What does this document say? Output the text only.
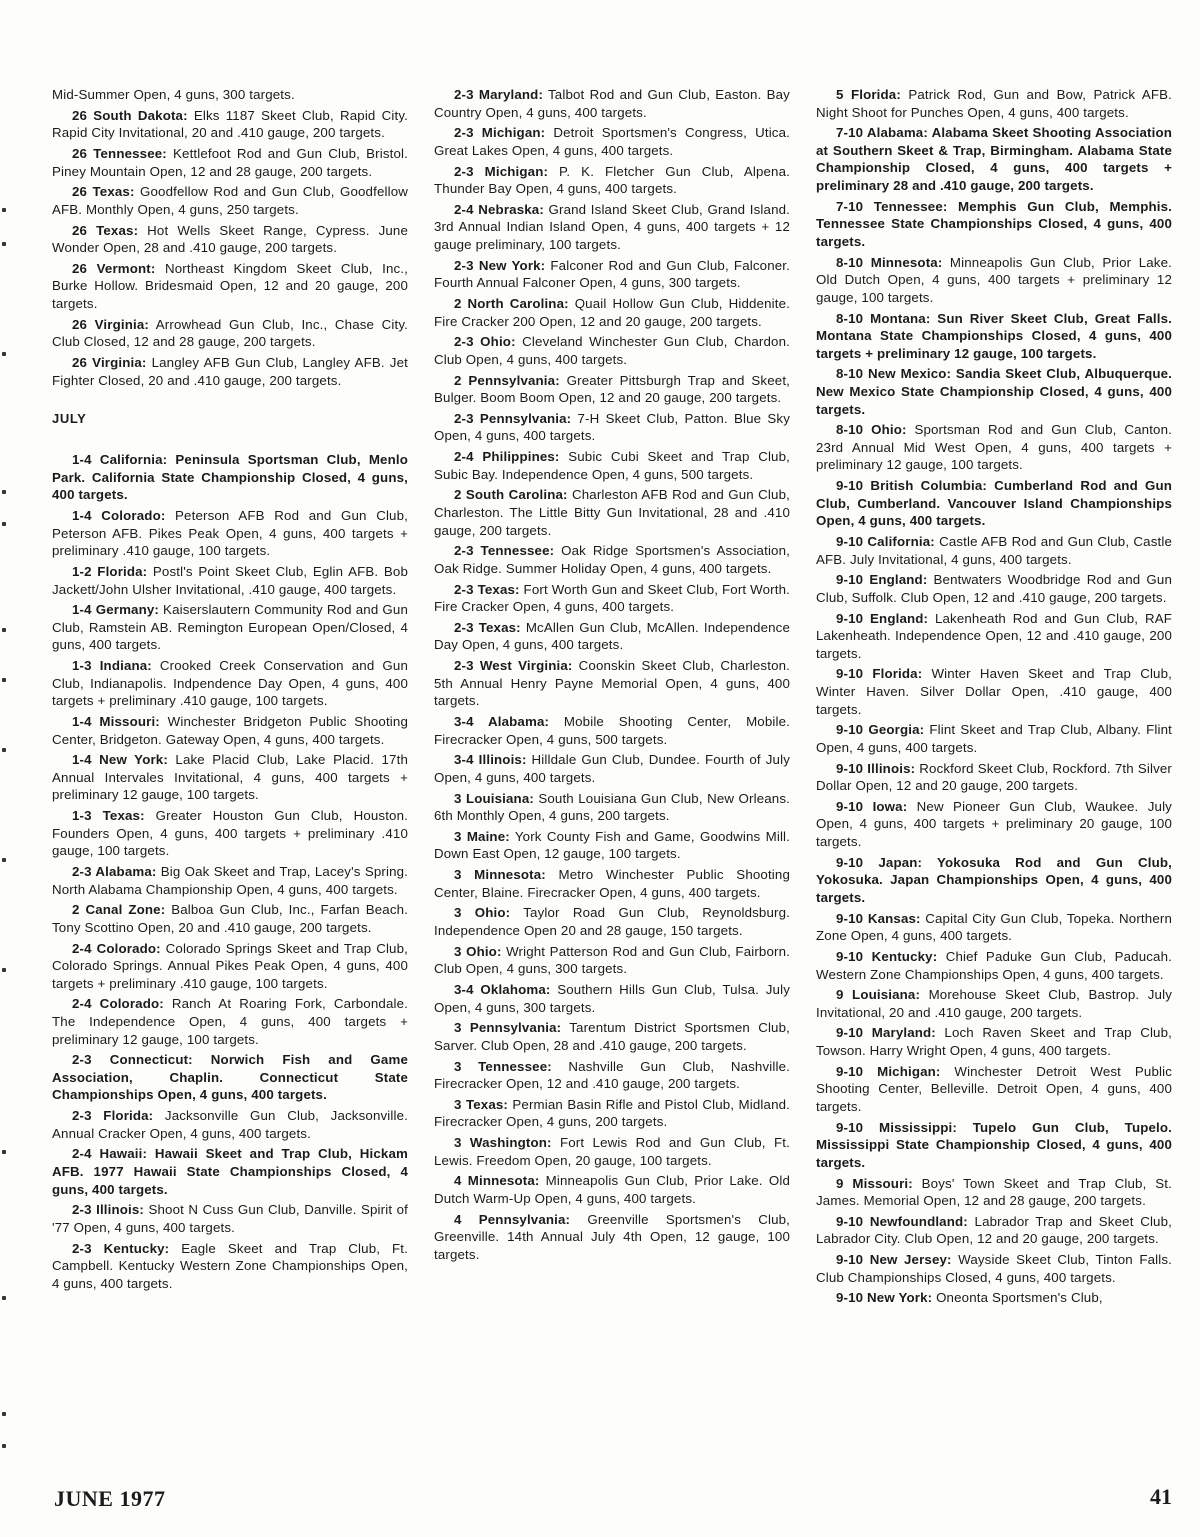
Mid-Summer Open, 4 guns, 300 targets.

26 South Dakota: Elks 1187 Skeet Club, Rapid City. Rapid City Invitational, 20 and .410 gauge, 200 targets.

26 Tennessee: Kettlefoot Rod and Gun Club, Bristol. Piney Mountain Open, 12 and 28 gauge, 200 targets.

26 Texas: Goodfellow Rod and Gun Club, Goodfellow AFB. Monthly Open, 4 guns, 250 targets.

26 Texas: Hot Wells Skeet Range, Cypress. June Wonder Open, 28 and .410 gauge, 200 targets.

26 Vermont: Northeast Kingdom Skeet Club, Inc., Burke Hollow. Bridesmaid Open, 12 and 20 gauge, 200 targets.

26 Virginia: Arrowhead Gun Club, Inc., Chase City. Club Closed, 12 and 28 gauge, 200 targets.

26 Virginia: Langley AFB Gun Club, Langley AFB. Jet Fighter Closed, 20 and .410 gauge, 200 targets.

JULY

1-4 California: Peninsula Sportsman Club, Menlo Park. California State Championship Closed, 4 guns, 400 targets.

1-4 Colorado: Peterson AFB Rod and Gun Club, Peterson AFB. Pikes Peak Open, 4 guns, 400 targets + preliminary .410 gauge, 100 targets.

1-2 Florida: Postl's Point Skeet Club, Eglin AFB. Bob Jackett/John Ulsher Invitational, .410 gauge, 400 targets.

1-4 Germany: Kaiserslautern Community Rod and Gun Club, Ramstein AB. Remington European Open/Closed, 4 guns, 400 targets.

1-3 Indiana: Crooked Creek Conservation and Gun Club, Indianapolis. Indpendence Day Open, 4 guns, 400 targets + preliminary .410 gauge, 100 targets.

1-4 Missouri: Winchester Bridgeton Public Shooting Center, Bridgeton. Gateway Open, 4 guns, 400 targets.

1-4 New York: Lake Placid Club, Lake Placid. 17th Annual Intervales Invitational, 4 guns, 400 targets + preliminary 12 gauge, 100 targets.

1-3 Texas: Greater Houston Gun Club, Houston. Founders Open, 4 guns, 400 targets + preliminary .410 gauge, 100 targets.

2-3 Alabama: Big Oak Skeet and Trap, Lacey's Spring. North Alabama Championship Open, 4 guns, 400 targets.

2 Canal Zone: Balboa Gun Club, Inc., Farfan Beach. Tony Scottino Open, 20 and .410 gauge, 200 targets.

2-4 Colorado: Colorado Springs Skeet and Trap Club, Colorado Springs. Annual Pikes Peak Open, 4 guns, 400 targets + preliminary .410 gauge, 100 targets.

2-4 Colorado: Ranch At Roaring Fork, Carbondale. The Independence Open, 4 guns, 400 targets + preliminary 12 gauge, 100 targets.

2-3 Connecticut: Norwich Fish and Game Association, Chaplin. Connecticut State Championships Open, 4 guns, 400 targets.

2-3 Florida: Jacksonville Gun Club, Jacksonville. Annual Cracker Open, 4 guns, 400 targets.

2-4 Hawaii: Hawaii Skeet and Trap Club, Hickam AFB. 1977 Hawaii State Championships Closed, 4 guns, 400 targets.

2-3 Illinois: Shoot N Cuss Gun Club, Danville. Spirit of '77 Open, 4 guns, 400 targets.

2-3 Kentucky: Eagle Skeet and Trap Club, Ft. Campbell. Kentucky Western Zone Championships Open, 4 guns, 400 targets.

2-3 Maryland: Talbot Rod and Gun Club, Easton. Bay Country Open, 4 guns, 400 targets.

2-3 Michigan: Detroit Sportsmen's Congress, Utica. Great Lakes Open, 4 guns, 400 targets.

2-3 Michigan: P. K. Fletcher Gun Club, Alpena. Thunder Bay Open, 4 guns, 400 targets.

2-4 Nebraska: Grand Island Skeet Club, Grand Island. 3rd Annual Indian Island Open, 4 guns, 400 targets + 12 gauge preliminary, 100 targets.

2-3 New York: Falconer Rod and Gun Club, Falconer. Fourth Annual Falconer Open, 4 guns, 300 targets.

2 North Carolina: Quail Hollow Gun Club, Hiddenite. Fire Cracker 200 Open, 12 and 20 gauge, 200 targets.

2-3 Ohio: Cleveland Winchester Gun Club, Chardon. Club Open, 4 guns, 400 targets.

2 Pennsylvania: Greater Pittsburgh Trap and Skeet, Bulger. Boom Boom Open, 12 and 20 gauge, 200 targets.

2-3 Pennsylvania: 7-H Skeet Club, Patton. Blue Sky Open, 4 guns, 400 targets.

2-4 Philippines: Subic Cubi Skeet and Trap Club, Subic Bay. Independence Open, 4 guns, 500 targets.

2 South Carolina: Charleston AFB Rod and Gun Club, Charleston. The Little Bitty Gun Invitational, 28 and .410 gauge, 200 targets.

2-3 Tennessee: Oak Ridge Sportsmen's Association, Oak Ridge. Summer Holiday Open, 4 guns, 400 targets.

2-3 Texas: Fort Worth Gun and Skeet Club, Fort Worth. Fire Cracker Open, 4 guns, 400 targets.

2-3 Texas: McAllen Gun Club, McAllen. Independence Day Open, 4 guns, 400 targets.

2-3 West Virginia: Coonskin Skeet Club, Charleston. 5th Annual Henry Payne Memorial Open, 4 guns, 400 targets.

3-4 Alabama: Mobile Shooting Center, Mobile. Firecracker Open, 4 guns, 500 targets.

3-4 Illinois: Hilldale Gun Club, Dundee. Fourth of July Open, 4 guns, 400 targets.

3 Louisiana: South Louisiana Gun Club, New Orleans. 6th Monthly Open, 4 guns, 200 targets.

3 Maine: York County Fish and Game, Goodwins Mill. Down East Open, 12 gauge, 100 targets.

3 Minnesota: Metro Winchester Public Shooting Center, Blaine. Firecracker Open, 4 guns, 400 targets.

3 Ohio: Taylor Road Gun Club, Reynoldsburg. Independence Open 20 and 28 gauge, 150 targets.

3 Ohio: Wright Patterson Rod and Gun Club, Fairborn. Club Open, 4 guns, 300 targets.

3-4 Oklahoma: Southern Hills Gun Club, Tulsa. July Open, 4 guns, 300 targets.

3 Pennsylvania: Tarentum District Sportsmen Club, Sarver. Club Open, 28 and .410 gauge, 200 targets.

3 Tennessee: Nashville Gun Club, Nashville. Firecracker Open, 12 and .410 gauge, 200 targets.

3 Texas: Permian Basin Rifle and Pistol Club, Midland. Firecracker Open, 4 guns, 200 targets.

3 Washington: Fort Lewis Rod and Gun Club, Ft. Lewis. Freedom Open, 20 gauge, 100 targets.

4 Minnesota: Minneapolis Gun Club, Prior Lake. Old Dutch Warm-Up Open, 4 guns, 400 targets.

4 Pennsylvania: Greenville Sportsmen's Club, Greenville. 14th Annual July 4th Open, 12 gauge, 100 targets.

5 Florida: Patrick Rod, Gun and Bow, Patrick AFB. Night Shoot for Punches Open, 4 guns, 400 targets.

7-10 Alabama: Alabama Skeet Shooting Association at Southern Skeet & Trap, Birmingham. Alabama State Championship Closed, 4 guns, 400 targets + preliminary 28 and .410 gauge, 200 targets.

7-10 Tennessee: Memphis Gun Club, Memphis. Tennessee State Championships Closed, 4 guns, 400 targets.

8-10 Minnesota: Minneapolis Gun Club, Prior Lake. Old Dutch Open, 4 guns, 400 targets + preliminary 12 gauge, 100 targets.

8-10 Montana: Sun River Skeet Club, Great Falls. Montana State Championships Closed, 4 guns, 400 targets + preliminary 12 gauge, 100 targets.

8-10 New Mexico: Sandia Skeet Club, Albuquerque. New Mexico State Championship Closed, 4 guns, 400 targets.

8-10 Ohio: Sportsman Rod and Gun Club, Canton. 23rd Annual Mid West Open, 4 guns, 400 targets + preliminary 12 gauge, 100 targets.

9-10 British Columbia: Cumberland Rod and Gun Club, Cumberland. Vancouver Island Championships Open, 4 guns, 400 targets.

9-10 California: Castle AFB Rod and Gun Club, Castle AFB. July Invitational, 4 guns, 400 targets.

9-10 England: Bentwaters Woodbridge Rod and Gun Club, Suffolk. Club Open, 12 and .410 gauge, 200 targets.

9-10 England: Lakenheath Rod and Gun Club, RAF Lakenheath. Independence Open, 12 and .410 gauge, 200 targets.

9-10 Florida: Winter Haven Skeet and Trap Club, Winter Haven. Silver Dollar Open, .410 gauge, 400 targets.

9-10 Georgia: Flint Skeet and Trap Club, Albany. Flint Open, 4 guns, 400 targets.

9-10 Illinois: Rockford Skeet Club, Rockford. 7th Silver Dollar Open, 12 and 20 gauge, 200 targets.

9-10 Iowa: New Pioneer Gun Club, Waukee. July Open, 4 guns, 400 targets + preliminary 20 gauge, 100 targets.

9-10 Japan: Yokosuka Rod and Gun Club, Yokosuka. Japan Championships Open, 4 guns, 400 targets.

9-10 Kansas: Capital City Gun Club, Topeka. Northern Zone Open, 4 guns, 400 targets.

9-10 Kentucky: Chief Paduke Gun Club, Paducah. Western Zone Championships Open, 4 guns, 400 targets.

9 Louisiana: Morehouse Skeet Club, Bastrop. July Invitational, 20 and .410 gauge, 200 targets.

9-10 Maryland: Loch Raven Skeet and Trap Club, Towson. Harry Wright Open, 4 guns, 400 targets.

9-10 Michigan: Winchester Detroit West Public Shooting Center, Belleville. Detroit Open, 4 guns, 400 targets.

9-10 Mississippi: Tupelo Gun Club, Tupelo. Mississippi State Championship Closed, 4 guns, 400 targets.

9 Missouri: Boys' Town Skeet and Trap Club, St. James. Memorial Open, 12 and 28 gauge, 200 targets.

9-10 Newfoundland: Labrador Trap and Skeet Club, Labrador City. Club Open, 12 and 20 gauge, 200 targets.

9-10 New Jersey: Wayside Skeet Club, Tinton Falls. Club Championships Closed, 4 guns, 400 targets.

9-10 New York: Oneonta Sportsmen's Club,

JUNE 1977	41
